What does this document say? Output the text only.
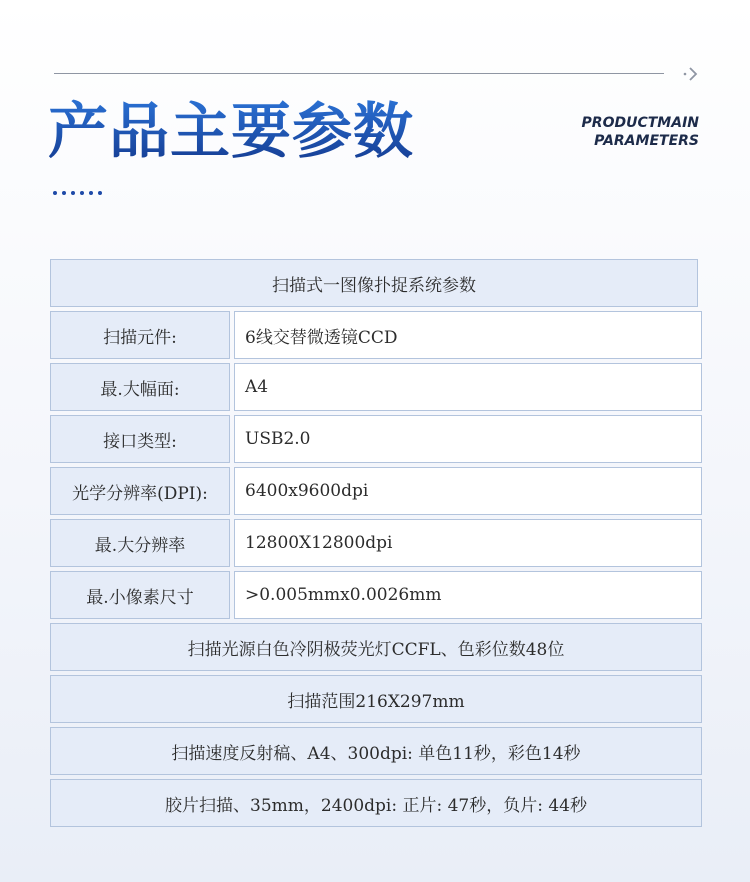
产品主要参数	PRODUCTMAIN
PARAMETERS
扫描式一图像扑捉系统参数
扫描元件:	6线交替微透镜CCD
最.大幅面:	A4
接口类型:	USB2.0
光学分辨率(DPI):	6400x9600dpi
最.大分辨率	12800X12800dpi
最.小像素尺寸	>0.005mmx0.0026mm
扫描光源白色冷阴极荧光灯CCFL、色彩位数48位
扫描范围216X297mm
扫描速度反射稿、A4、300dpi: 单色11秒，彩色14秒
胶片扫描、35mm，2400dpi: 正片: 47秒，负片: 44秒
